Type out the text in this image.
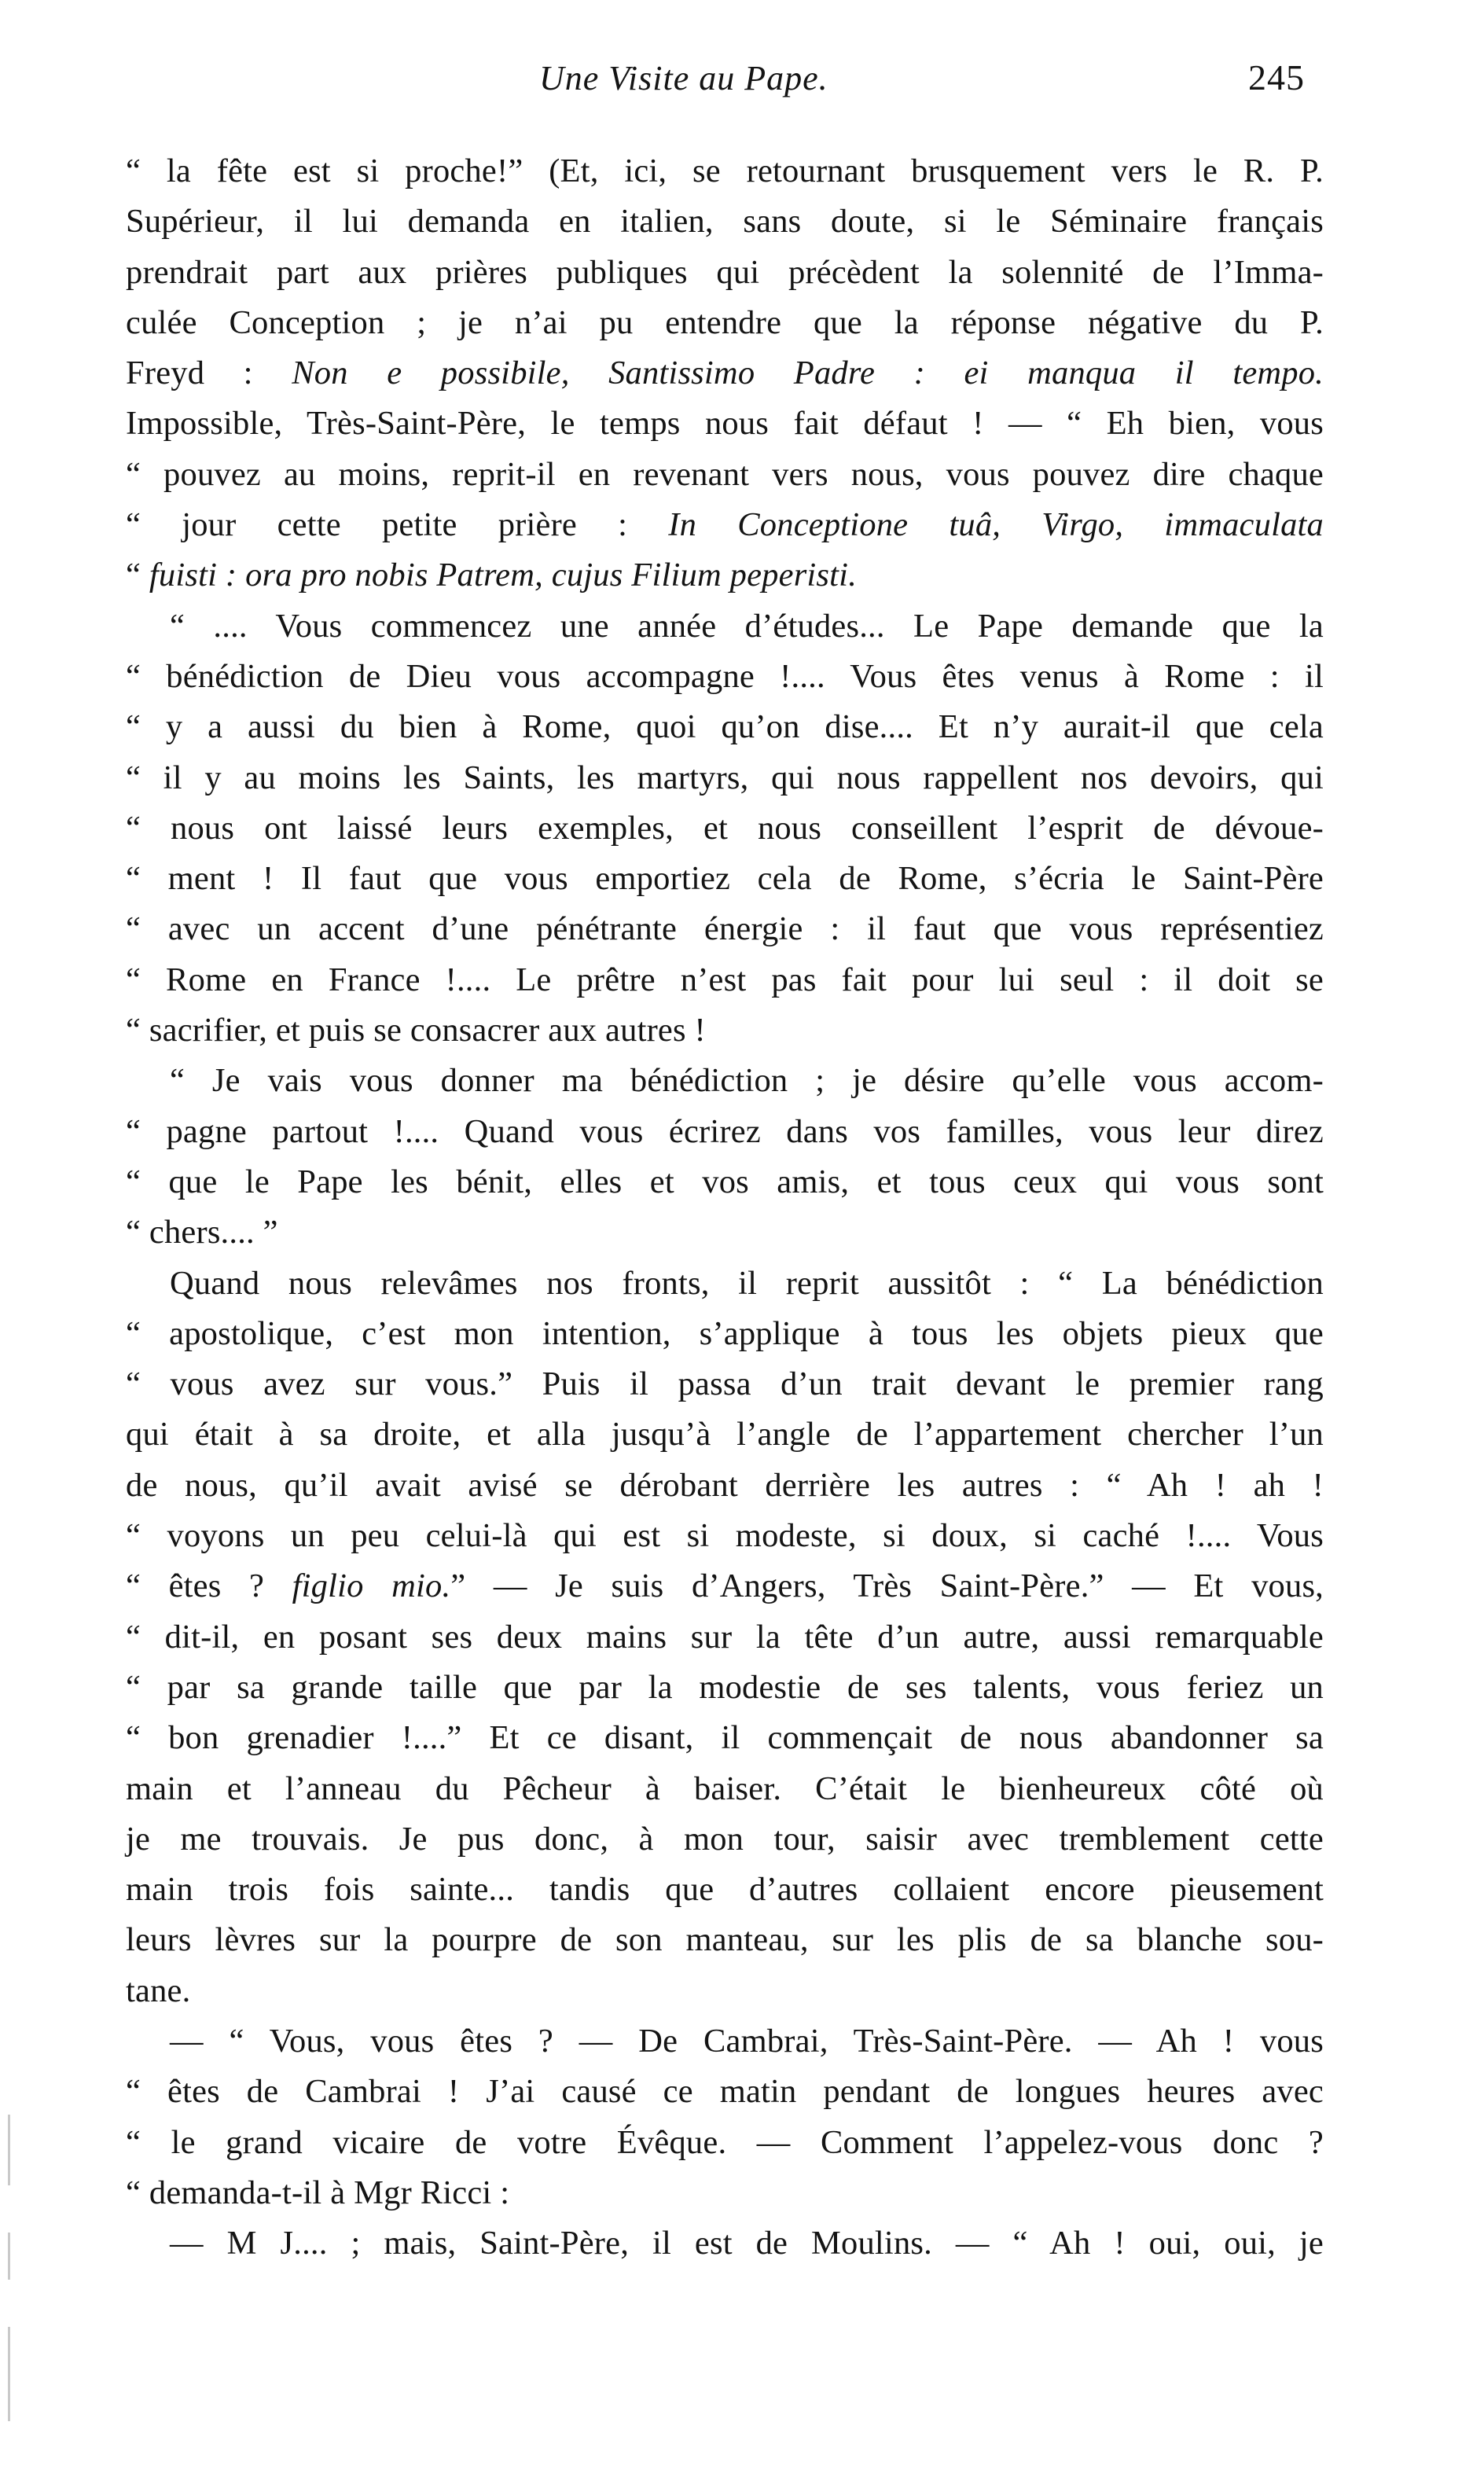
Une Visite au Pape.	245
“ la fête est si proche!” (Et, ici, se retournant brusquement vers le R. P.
Supérieur, il lui demanda en italien, sans doute, si le Séminaire français
prendrait part aux prières publiques qui précèdent la solennité de l’Imma-
culée Conception ; je n’ai pu entendre que la réponse négative du P.
Freyd : Non e possibile, Santissimo Padre : ei manqua il tempo.
Impossible, Très-Saint-Père, le temps nous fait défaut ! — “ Eh bien, vous
“ pouvez au moins, reprit-il en revenant vers nous, vous pouvez dire chaque
“ jour cette petite prière : In Conceptione tuâ, Virgo, immaculata
“ fuisti : ora pro nobis Patrem, cujus Filium peperisti.
“ .... Vous commencez une année d’études... Le Pape demande que la
“ bénédiction de Dieu vous accompagne !.... Vous êtes venus à Rome : il
“ y a aussi du bien à Rome, quoi qu’on dise.... Et n’y aurait-il que cela
“ il y au moins les Saints, les martyrs, qui nous rappellent nos devoirs, qui
“ nous ont laissé leurs exemples, et nous conseillent l’esprit de dévoue-
“ ment ! Il faut que vous emportiez cela de Rome, s’écria le Saint-Père
“ avec un accent d’une pénétrante énergie : il faut que vous représentiez
“ Rome en France !.... Le prêtre n’est pas fait pour lui seul : il doit se
“ sacrifier, et puis se consacrer aux autres !
“ Je vais vous donner ma bénédiction ; je désire qu’elle vous accom-
“ pagne partout !.... Quand vous écrirez dans vos familles, vous leur direz
“ que le Pape les bénit, elles et vos amis, et tous ceux qui vous sont
“ chers.... ”
Quand nous relevâmes nos fronts, il reprit aussitôt : “ La bénédiction
“ apostolique, c’est mon intention, s’applique à tous les objets pieux que
“ vous avez sur vous.” Puis il passa d’un trait devant le premier rang
qui était à sa droite, et alla jusqu’à l’angle de l’appartement chercher l’un
de nous, qu’il avait avisé se dérobant derrière les autres : “ Ah ! ah !
“ voyons un peu celui-là qui est si modeste, si doux, si caché !.... Vous
“ êtes ? figlio mio.” — Je suis d’Angers, Très Saint-Père.” — Et vous,
“ dit-il, en posant ses deux mains sur la tête d’un autre, aussi remarquable
“ par sa grande taille que par la modestie de ses talents, vous feriez un
“ bon grenadier !....” Et ce disant, il commençait de nous abandonner sa
main et l’anneau du Pêcheur à baiser. C’était le bienheureux côté où
je me trouvais. Je pus donc, à mon tour, saisir avec tremblement cette
main trois fois sainte... tandis que d’autres collaient encore pieusement
leurs lèvres sur la pourpre de son manteau, sur les plis de sa blanche sou-
tane.
— “ Vous, vous êtes ? — De Cambrai, Très-Saint-Père. — Ah ! vous
“ êtes de Cambrai ! J’ai causé ce matin pendant de longues heures avec
“ le grand vicaire de votre Évêque. — Comment l’appelez-vous donc ?
“ demanda-t-il à Mgr Ricci :
— M J.... ; mais, Saint-Père, il est de Moulins. — “ Ah ! oui, oui, je
